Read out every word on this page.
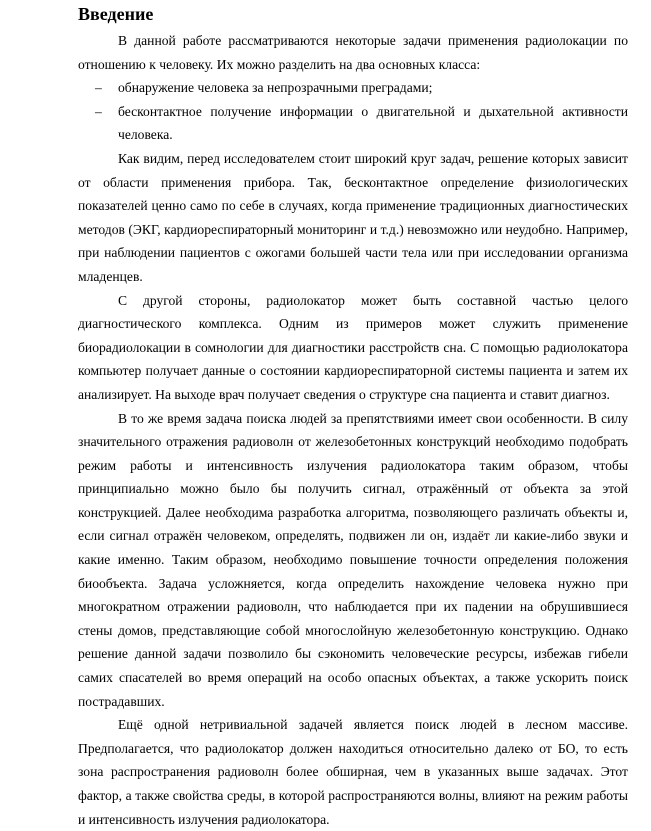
Введение

В данной работе рассматриваются некоторые задачи применения радиолокации по отношению к человеку. Их можно разделить на два основных класса:

– обнаружение человека за непрозрачными преградами;
– бесконтактное получение информации о двигательной и дыхательной активности человека.

Как видим, перед исследователем стоит широкий круг задач, решение которых зависит от области применения прибора. Так, бесконтактное определение физиологических показателей ценно само по себе в случаях, когда применение традиционных диагностических методов (ЭКГ, кардиореспираторный мониторинг и т.д.) невозможно или неудобно. Например, при наблюдении пациентов с ожогами большей части тела или при исследовании организма младенцев.

С другой стороны, радиолокатор может быть составной частью целого диагностического комплекса. Одним из примеров может служить применение биорадиолокации в сомнологии для диагностики расстройств сна. С помощью радиолокатора компьютер получает данные о состоянии кардиореспираторной системы пациента и затем их анализирует. На выходе врач получает сведения о структуре сна пациента и ставит диагноз.

В то же время задача поиска людей за препятствиями имеет свои особенности. В силу значительного отражения радиоволн от железобетонных конструкций необходимо подобрать режим работы и интенсивность излучения радиолокатора таким образом, чтобы принципиально можно было бы получить сигнал, отражённый от объекта за этой конструкцией. Далее необходима разработка алгоритма, позволяющего различать объекты и, если сигнал отражён человеком, определять, подвижен ли он, издаёт ли какие-либо звуки и какие именно. Таким образом, необходимо повышение точности определения положения биообъекта. Задача усложняется, когда определить нахождение человека нужно при многократном отражении радиоволн, что наблюдается при их падении на обрушившиеся стены домов, представляющие собой многослойную железобетонную конструкцию. Однако решение данной задачи позволило бы сэкономить человеческие ресурсы, избежав гибели самих спасателей во время операций на особо опасных объектах, а также ускорить поиск пострадавших.

Ещё одной нетривиальной задачей является поиск людей в лесном массиве. Предполагается, что радиолокатор должен находиться относительно далеко от БО, то есть зона распространения радиоволн более обширная, чем в указанных выше задачах. Этот фактор, а также свойства среды, в которой распространяются волны, влияют на режим работы и интенсивность излучения радиолокатора.
